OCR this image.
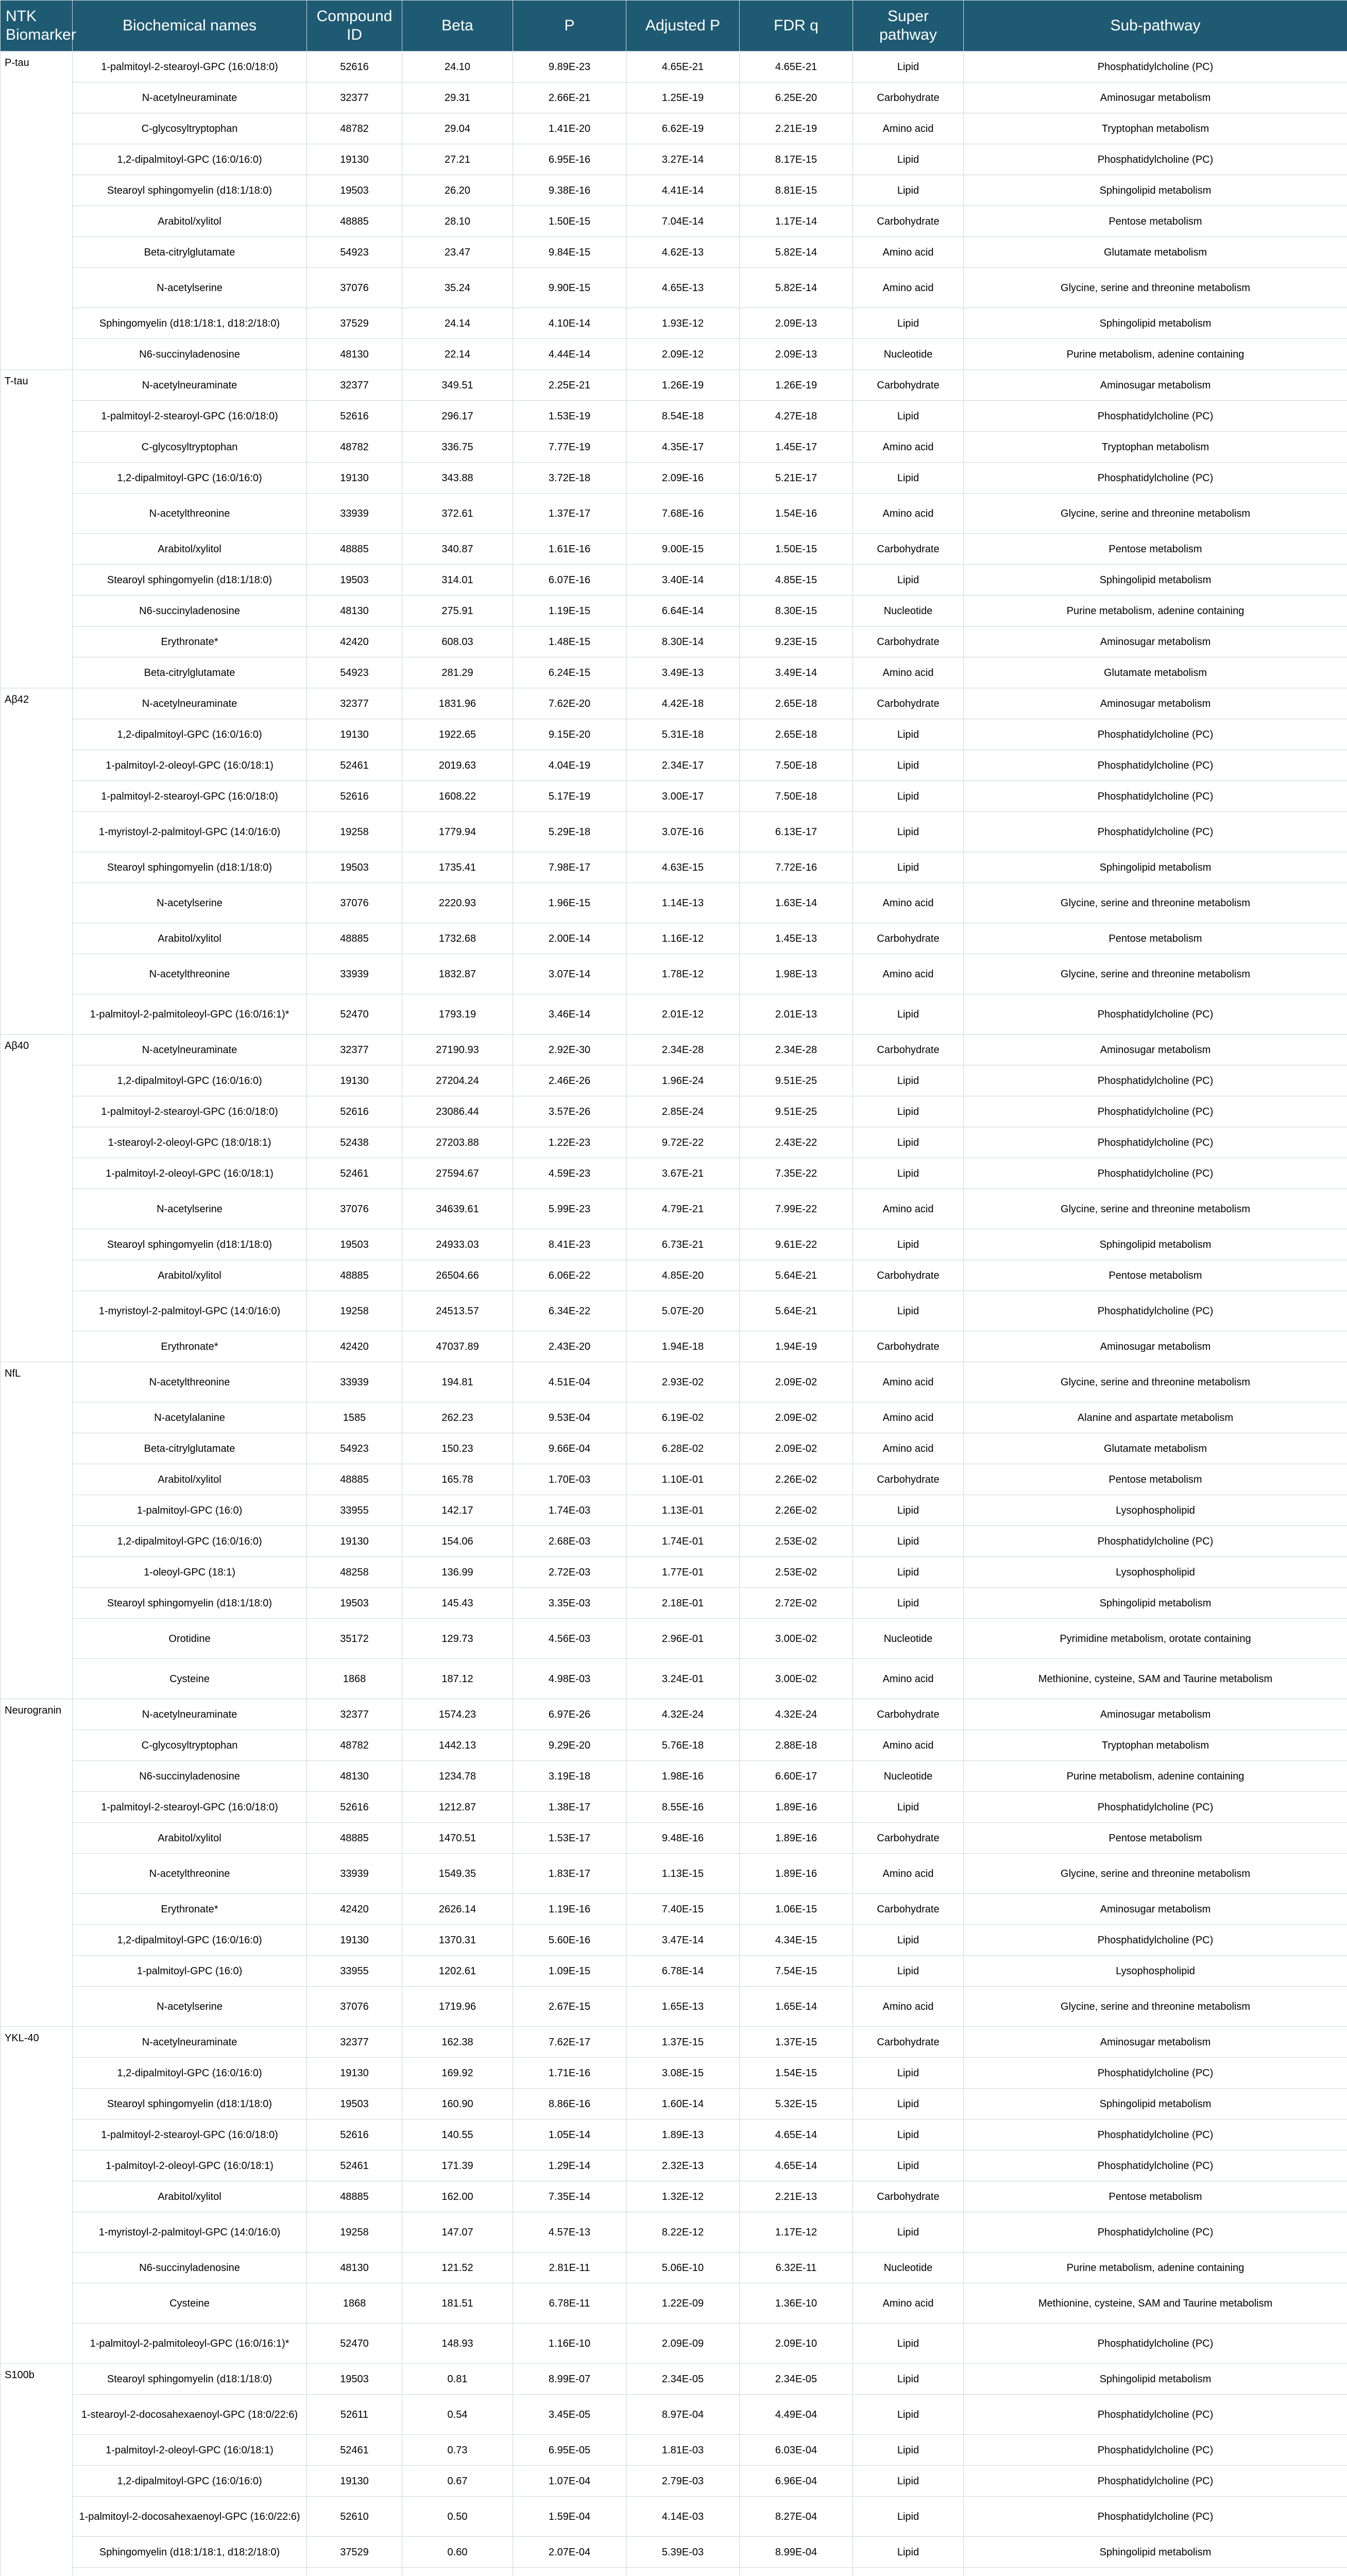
NTK Biomarker	Biochemical names	Compound ID	Beta	P	Adjusted P	FDR q	Super pathway	Sub-pathway
P-tau	1-palmitoyl-2-stearoyl-GPC (16:0/18:0)	52616	24.10	9.89E-23	4.65E-21	4.65E-21	Lipid	Phosphatidylcholine (PC)
	N-acetylneuraminate	32377	29.31	2.66E-21	1.25E-19	6.25E-20	Carbohydrate	Aminosugar metabolism
	C-glycosyltryptophan	48782	29.04	1.41E-20	6.62E-19	2.21E-19	Amino acid	Tryptophan metabolism
	1,2-dipalmitoyl-GPC (16:0/16:0)	19130	27.21	6.95E-16	3.27E-14	8.17E-15	Lipid	Phosphatidylcholine (PC)
	Stearoyl sphingomyelin (d18:1/18:0)	19503	26.20	9.38E-16	4.41E-14	8.81E-15	Lipid	Sphingolipid metabolism
	Arabitol/xylitol	48885	28.10	1.50E-15	7.04E-14	1.17E-14	Carbohydrate	Pentose metabolism
	Beta-citrylglutamate	54923	23.47	9.84E-15	4.62E-13	5.82E-14	Amino acid	Glutamate metabolism
	N-acetylserine	37076	35.24	9.90E-15	4.65E-13	5.82E-14	Amino acid	Glycine, serine and threonine metabolism
	Sphingomyelin (d18:1/18:1, d18:2/18:0)	37529	24.14	4.10E-14	1.93E-12	2.09E-13	Lipid	Sphingolipid metabolism
	N6-succinyladenosine	48130	22.14	4.44E-14	2.09E-12	2.09E-13	Nucleotide	Purine metabolism, adenine containing
T-tau	N-acetylneuraminate	32377	349.51	2.25E-21	1.26E-19	1.26E-19	Carbohydrate	Aminosugar metabolism
	1-palmitoyl-2-stearoyl-GPC (16:0/18:0)	52616	296.17	1.53E-19	8.54E-18	4.27E-18	Lipid	Phosphatidylcholine (PC)
	C-glycosyltryptophan	48782	336.75	7.77E-19	4.35E-17	1.45E-17	Amino acid	Tryptophan metabolism
	1,2-dipalmitoyl-GPC (16:0/16:0)	19130	343.88	3.72E-18	2.09E-16	5.21E-17	Lipid	Phosphatidylcholine (PC)
	N-acetylthreonine	33939	372.61	1.37E-17	7.68E-16	1.54E-16	Amino acid	Glycine, serine and threonine metabolism
	Arabitol/xylitol	48885	340.87	1.61E-16	9.00E-15	1.50E-15	Carbohydrate	Pentose metabolism
	Stearoyl sphingomyelin (d18:1/18:0)	19503	314.01	6.07E-16	3.40E-14	4.85E-15	Lipid	Sphingolipid metabolism
	N6-succinyladenosine	48130	275.91	1.19E-15	6.64E-14	8.30E-15	Nucleotide	Purine metabolism, adenine containing
	Erythronate*	42420	608.03	1.48E-15	8.30E-14	9.23E-15	Carbohydrate	Aminosugar metabolism
	Beta-citrylglutamate	54923	281.29	6.24E-15	3.49E-13	3.49E-14	Amino acid	Glutamate metabolism
Aβ42	N-acetylneuraminate	32377	1831.96	7.62E-20	4.42E-18	2.65E-18	Carbohydrate	Aminosugar metabolism
	1,2-dipalmitoyl-GPC (16:0/16:0)	19130	1922.65	9.15E-20	5.31E-18	2.65E-18	Lipid	Phosphatidylcholine (PC)
	1-palmitoyl-2-oleoyl-GPC (16:0/18:1)	52461	2019.63	4.04E-19	2.34E-17	7.50E-18	Lipid	Phosphatidylcholine (PC)
	1-palmitoyl-2-stearoyl-GPC (16:0/18:0)	52616	1608.22	5.17E-19	3.00E-17	7.50E-18	Lipid	Phosphatidylcholine (PC)
	1-myristoyl-2-palmitoyl-GPC (14:0/16:0)	19258	1779.94	5.29E-18	3.07E-16	6.13E-17	Lipid	Phosphatidylcholine (PC)
	Stearoyl sphingomyelin (d18:1/18:0)	19503	1735.41	7.98E-17	4.63E-15	7.72E-16	Lipid	Sphingolipid metabolism
	N-acetylserine	37076	2220.93	1.96E-15	1.14E-13	1.63E-14	Amino acid	Glycine, serine and threonine metabolism
	Arabitol/xylitol	48885	1732.68	2.00E-14	1.16E-12	1.45E-13	Carbohydrate	Pentose metabolism
	N-acetylthreonine	33939	1832.87	3.07E-14	1.78E-12	1.98E-13	Amino acid	Glycine, serine and threonine metabolism
	1-palmitoyl-2-palmitoleoyl-GPC (16:0/16:1)*	52470	1793.19	3.46E-14	2.01E-12	2.01E-13	Lipid	Phosphatidylcholine (PC)
Aβ40	N-acetylneuraminate	32377	27190.93	2.92E-30	2.34E-28	2.34E-28	Carbohydrate	Aminosugar metabolism
	1,2-dipalmitoyl-GPC (16:0/16:0)	19130	27204.24	2.46E-26	1.96E-24	9.51E-25	Lipid	Phosphatidylcholine (PC)
	1-palmitoyl-2-stearoyl-GPC (16:0/18:0)	52616	23086.44	3.57E-26	2.85E-24	9.51E-25	Lipid	Phosphatidylcholine (PC)
	1-stearoyl-2-oleoyl-GPC (18:0/18:1)	52438	27203.88	1.22E-23	9.72E-22	2.43E-22	Lipid	Phosphatidylcholine (PC)
	1-palmitoyl-2-oleoyl-GPC (16:0/18:1)	52461	27594.67	4.59E-23	3.67E-21	7.35E-22	Lipid	Phosphatidylcholine (PC)
	N-acetylserine	37076	34639.61	5.99E-23	4.79E-21	7.99E-22	Amino acid	Glycine, serine and threonine metabolism
	Stearoyl sphingomyelin (d18:1/18:0)	19503	24933.03	8.41E-23	6.73E-21	9.61E-22	Lipid	Sphingolipid metabolism
	Arabitol/xylitol	48885	26504.66	6.06E-22	4.85E-20	5.64E-21	Carbohydrate	Pentose metabolism
	1-myristoyl-2-palmitoyl-GPC (14:0/16:0)	19258	24513.57	6.34E-22	5.07E-20	5.64E-21	Lipid	Phosphatidylcholine (PC)
	Erythronate*	42420	47037.89	2.43E-20	1.94E-18	1.94E-19	Carbohydrate	Aminosugar metabolism
NfL	N-acetylthreonine	33939	194.81	4.51E-04	2.93E-02	2.09E-02	Amino acid	Glycine, serine and threonine metabolism
	N-acetylalanine	1585	262.23	9.53E-04	6.19E-02	2.09E-02	Amino acid	Alanine and aspartate metabolism
	Beta-citrylglutamate	54923	150.23	9.66E-04	6.28E-02	2.09E-02	Amino acid	Glutamate metabolism
	Arabitol/xylitol	48885	165.78	1.70E-03	1.10E-01	2.26E-02	Carbohydrate	Pentose metabolism
	1-palmitoyl-GPC (16:0)	33955	142.17	1.74E-03	1.13E-01	2.26E-02	Lipid	Lysophospholipid
	1,2-dipalmitoyl-GPC (16:0/16:0)	19130	154.06	2.68E-03	1.74E-01	2.53E-02	Lipid	Phosphatidylcholine (PC)
	1-oleoyl-GPC (18:1)	48258	136.99	2.72E-03	1.77E-01	2.53E-02	Lipid	Lysophospholipid
	Stearoyl sphingomyelin (d18:1/18:0)	19503	145.43	3.35E-03	2.18E-01	2.72E-02	Lipid	Sphingolipid metabolism
	Orotidine	35172	129.73	4.56E-03	2.96E-01	3.00E-02	Nucleotide	Pyrimidine metabolism, orotate containing
	Cysteine	1868	187.12	4.98E-03	3.24E-01	3.00E-02	Amino acid	Methionine, cysteine, SAM and Taurine metabolism
Neurogranin	N-acetylneuraminate	32377	1574.23	6.97E-26	4.32E-24	4.32E-24	Carbohydrate	Aminosugar metabolism
	C-glycosyltryptophan	48782	1442.13	9.29E-20	5.76E-18	2.88E-18	Amino acid	Tryptophan metabolism
	N6-succinyladenosine	48130	1234.78	3.19E-18	1.98E-16	6.60E-17	Nucleotide	Purine metabolism, adenine containing
	1-palmitoyl-2-stearoyl-GPC (16:0/18:0)	52616	1212.87	1.38E-17	8.55E-16	1.89E-16	Lipid	Phosphatidylcholine (PC)
	Arabitol/xylitol	48885	1470.51	1.53E-17	9.48E-16	1.89E-16	Carbohydrate	Pentose metabolism
	N-acetylthreonine	33939	1549.35	1.83E-17	1.13E-15	1.89E-16	Amino acid	Glycine, serine and threonine metabolism
	Erythronate*	42420	2626.14	1.19E-16	7.40E-15	1.06E-15	Carbohydrate	Aminosugar metabolism
	1,2-dipalmitoyl-GPC (16:0/16:0)	19130	1370.31	5.60E-16	3.47E-14	4.34E-15	Lipid	Phosphatidylcholine (PC)
	1-palmitoyl-GPC (16:0)	33955	1202.61	1.09E-15	6.78E-14	7.54E-15	Lipid	Lysophospholipid
	N-acetylserine	37076	1719.96	2.67E-15	1.65E-13	1.65E-14	Amino acid	Glycine, serine and threonine metabolism
YKL-40	N-acetylneuraminate	32377	162.38	7.62E-17	1.37E-15	1.37E-15	Carbohydrate	Aminosugar metabolism
	1,2-dipalmitoyl-GPC (16:0/16:0)	19130	169.92	1.71E-16	3.08E-15	1.54E-15	Lipid	Phosphatidylcholine (PC)
	Stearoyl sphingomyelin (d18:1/18:0)	19503	160.90	8.86E-16	1.60E-14	5.32E-15	Lipid	Sphingolipid metabolism
	1-palmitoyl-2-stearoyl-GPC (16:0/18:0)	52616	140.55	1.05E-14	1.89E-13	4.65E-14	Lipid	Phosphatidylcholine (PC)
	1-palmitoyl-2-oleoyl-GPC (16:0/18:1)	52461	171.39	1.29E-14	2.32E-13	4.65E-14	Lipid	Phosphatidylcholine (PC)
	Arabitol/xylitol	48885	162.00	7.35E-14	1.32E-12	2.21E-13	Carbohydrate	Pentose metabolism
	1-myristoyl-2-palmitoyl-GPC (14:0/16:0)	19258	147.07	4.57E-13	8.22E-12	1.17E-12	Lipid	Phosphatidylcholine (PC)
	N6-succinyladenosine	48130	121.52	2.81E-11	5.06E-10	6.32E-11	Nucleotide	Purine metabolism, adenine containing
	Cysteine	1868	181.51	6.78E-11	1.22E-09	1.36E-10	Amino acid	Methionine, cysteine, SAM and Taurine metabolism
	1-palmitoyl-2-palmitoleoyl-GPC (16:0/16:1)*	52470	148.93	1.16E-10	2.09E-09	2.09E-10	Lipid	Phosphatidylcholine (PC)
S100b	Stearoyl sphingomyelin (d18:1/18:0)	19503	0.81	8.99E-07	2.34E-05	2.34E-05	Lipid	Sphingolipid metabolism
	1-stearoyl-2-docosahexaenoyl-GPC (18:0/22:6)	52611	0.54	3.45E-05	8.97E-04	4.49E-04	Lipid	Phosphatidylcholine (PC)
	1-palmitoyl-2-oleoyl-GPC (16:0/18:1)	52461	0.73	6.95E-05	1.81E-03	6.03E-04	Lipid	Phosphatidylcholine (PC)
	1,2-dipalmitoyl-GPC (16:0/16:0)	19130	0.67	1.07E-04	2.79E-03	6.96E-04	Lipid	Phosphatidylcholine (PC)
	1-palmitoyl-2-docosahexaenoyl-GPC (16:0/22:6)	52610	0.50	1.59E-04	4.14E-03	8.27E-04	Lipid	Phosphatidylcholine (PC)
	Sphingomyelin (d18:1/18:1, d18:2/18:0)	37529	0.60	2.07E-04	5.39E-03	8.99E-04	Lipid	Sphingolipid metabolism
